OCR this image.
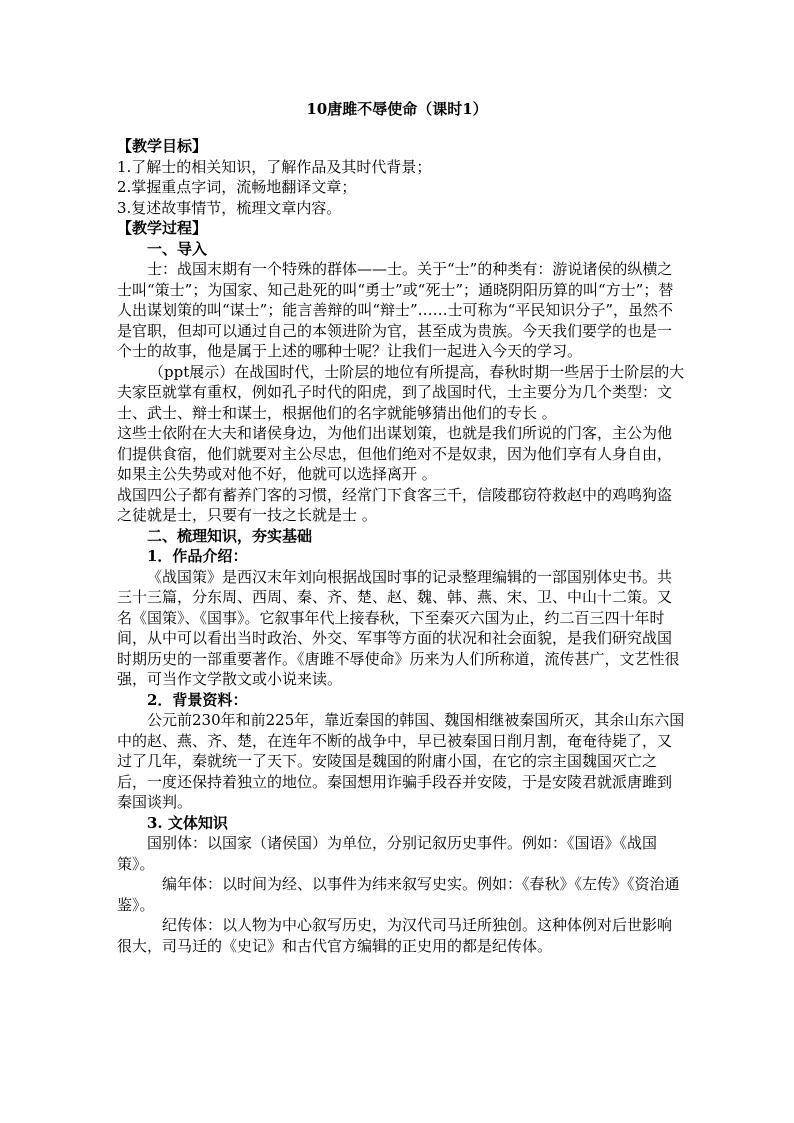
10唐雎不辱使命（课时1）

【教学目标】

1.了解士的相关知识，了解作品及其时代背景；

2.掌握重点字词，流畅地翻译文章；

3.复述故事情节，梳理文章内容。

【教学过程】

一、导入

士：战国末期有一个特殊的群体——士。关于“士”的种类有：游说诸侯的纵横之士叫“策士”；为国家、知己赴死的叫“勇士”或“死士”；通晓阴阳历算的叫“方士”；替人出谋划策的叫“谋士”；能言善辩的叫“辩士”……士可称为“平民知识分子”，虽然不是官职，但却可以通过自己的本领进阶为官，甚至成为贵族。今天我们要学的也是一个士的故事，他是属于上述的哪种士呢？让我们一起进入今天的学习。

（ppt展示）在战国时代，士阶层的地位有所提高，春秋时期一些居于士阶层的大夫家臣就掌有重权，例如孔子时代的阳虎，到了战国时代，士主要分为几个类型：文士、武士、辩士和谋士，根据他们的名字就能够猜出他们的专长 。

这些士依附在大夫和诸侯身边，为他们出谋划策，也就是我们所说的门客，主公为他们提供食宿，他们就要对主公尽忠，但他们绝对不是奴隶，因为他们享有人身自由，如果主公失势或对他不好，他就可以选择离开 。

战国四公子都有蓄养门客的习惯，经常门下食客三千，信陵郡窃符救赵中的鸡鸣狗盗之徒就是士，只要有一技之长就是士 。

二、梳理知识，夯实基础

1．作品介绍：

《战国策》是西汉末年刘向根据战国时事的记录整理编辑的一部国别体史书。共三十三篇，分东周、西周、秦、齐、楚、赵、魏、韩、燕、宋、卫、中山十二策。又名《国策》、《国事》。它叙事年代上接春秋，下至秦灭六国为止，约二百三四十年时间，从中可以看出当时政治、外交、军事等方面的状况和社会面貌，是我们研究战国时期历史的一部重要著作。《唐雎不辱使命》历来为人们所称道，流传甚广，文艺性很强，可当作文学散文或小说来读。

2．背景资料：

公元前230年和前225年，靠近秦国的韩国、魏国相继被秦国所灭，其余山东六国中的赵、燕、齐、楚，在连年不断的战争中，早已被秦国日削月割，奄奄待毙了，又过了几年，秦就统一了天下。安陵国是魏国的附庸小国，在它的宗主国魏国灭亡之后，一度还保持着独立的地位。秦国想用诈骗手段吞并安陵，于是安陵君就派唐雎到秦国谈判。

3. 文体知识

国别体：以国家（诸侯国）为单位，分别记叙历史事件。例如：《国语》《战国策》。

编年体：以时间为经、以事件为纬来叙写史实。例如：《春秋》《左传》《资治通鉴》。

纪传体：以人物为中心叙写历史，为汉代司马迁所独创。这种体例对后世影响很大，司马迁的《史记》和古代官方编辑的正史用的都是纪传体。
